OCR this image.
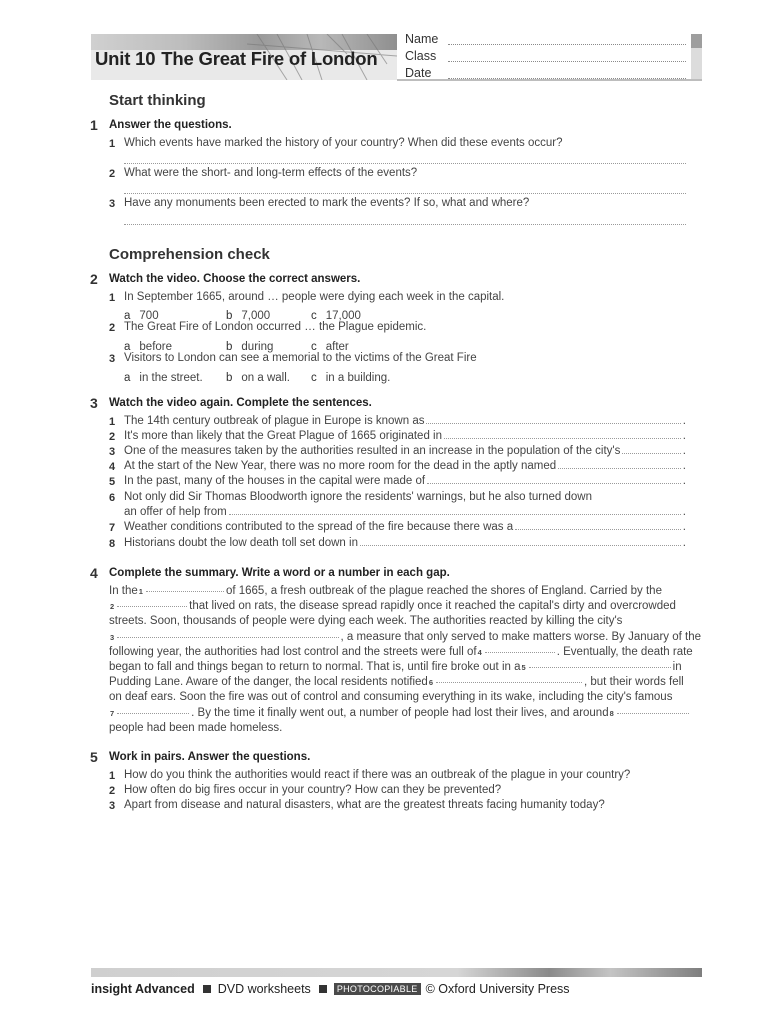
Unit 10 The Great Fire of London
Name
Class
Date
Start thinking
1 Answer the questions.
1 Which events have marked the history of your country? When did these events occur?
2 What were the short- and long-term effects of the events?
3 Have any monuments been erected to mark the events? If so, what and where?
Comprehension check
2 Watch the video. Choose the correct answers.
1 In September 1665, around … people were dying each week in the capital.
a 700	b 7,000	c 17,000
2 The Great Fire of London occurred … the Plague epidemic.
a before	b during	c after
3 Visitors to London can see a memorial to the victims of the Great Fire
a in the street. b on a wall. c in a building.
3 Watch the video again. Complete the sentences.
1 The 14th century outbreak of plague in Europe is known as	.
2 It's more than likely that the Great Plague of 1665 originated in	.
3 One of the measures taken by the authorities resulted in an increase in the population of the city's	.
4 At the start of the New Year, there was no more room for the dead in the aptly named	.
5 In the past, many of the houses in the capital were made of	.
6 Not only did Sir Thomas Bloodworth ignore the residents' warnings, but he also turned down
an offer of help from	.
7 Weather conditions contributed to the spread of the fire because there was a	.
8 Historians doubt the low death toll set down in	.
4 Complete the summary. Write a word or a number in each gap.
In the 1	of 1665, a fresh outbreak of the plague reached the shores of England. Carried by the
2	that lived on rats, the disease spread rapidly once it reached the capital's dirty and overcrowded
streets. Soon, thousands of people were dying each week. The authorities reacted by killing the city's
3	, a measure that only served to make matters worse. By January of the
following year, the authorities had lost control and the streets were full of 4	. Eventually, the death rate
began to fall and things began to return to normal. That is, until fire broke out in a 5	in
Pudding Lane. Aware of the danger, the local residents notified 6	, but their words fell
on deaf ears. Soon the fire was out of control and consuming everything in its wake, including the city's famous
7	. By the time it finally went out, a number of people had lost their lives, and around 8
people had been made homeless.
5 Work in pairs. Answer the questions.
1 How do you think the authorities would react if there was an outbreak of the plague in your country?
2 How often do big fires occur in your country? How can they be prevented?
3 Apart from disease and natural disasters, what are the greatest threats facing humanity today?
insight Advanced DVD worksheets	PHOTOCOPIABLE © Oxford University Press
